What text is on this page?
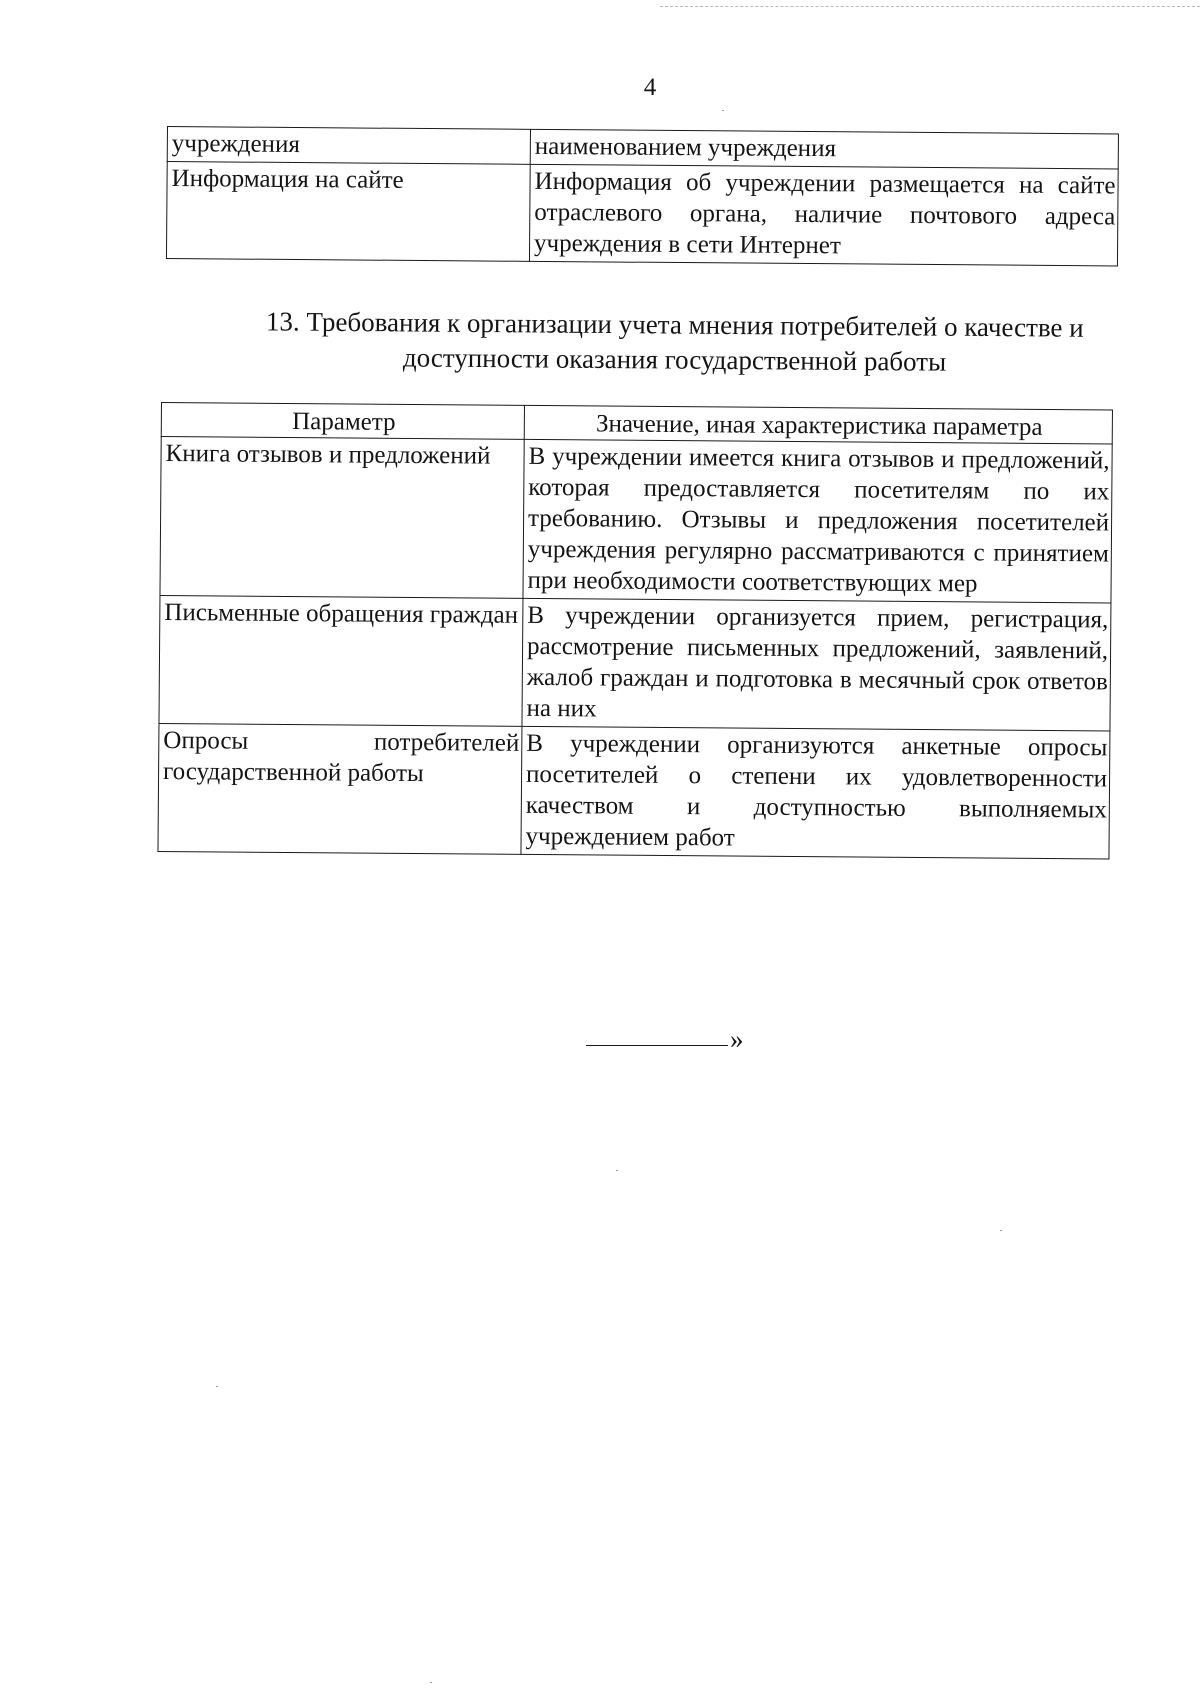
4
учреждения	наименованием учреждения
Информация на сайте	Информация об учреждении размещается на сайте отраслевого органа, наличие почтового адреса учреждения в сети Интернет
13. Требования к организации учета мнения потребителей о качестве и доступности оказания государственной работы
Параметр	Значение, иная характеристика параметра
Книга отзывов и предложений	В учреждении имеется книга отзывов и предложений, которая предоставляется посетителям по их требованию. Отзывы и предложения посетителей учреждения регулярно рассматриваются с принятием при необходимости соответствующих мер
Письменные обращения граждан	В учреждении организуется прием, регистрация, рассмотрение письменных предложений, заявлений, жалоб граждан и подготовка в месячный срок ответов на них
Опросы потребителей государственной работы	В учреждении организуются анкетные опросы посетителей о степени их удовлетворенности качеством и доступностью выполняемых учреждением работ
»
